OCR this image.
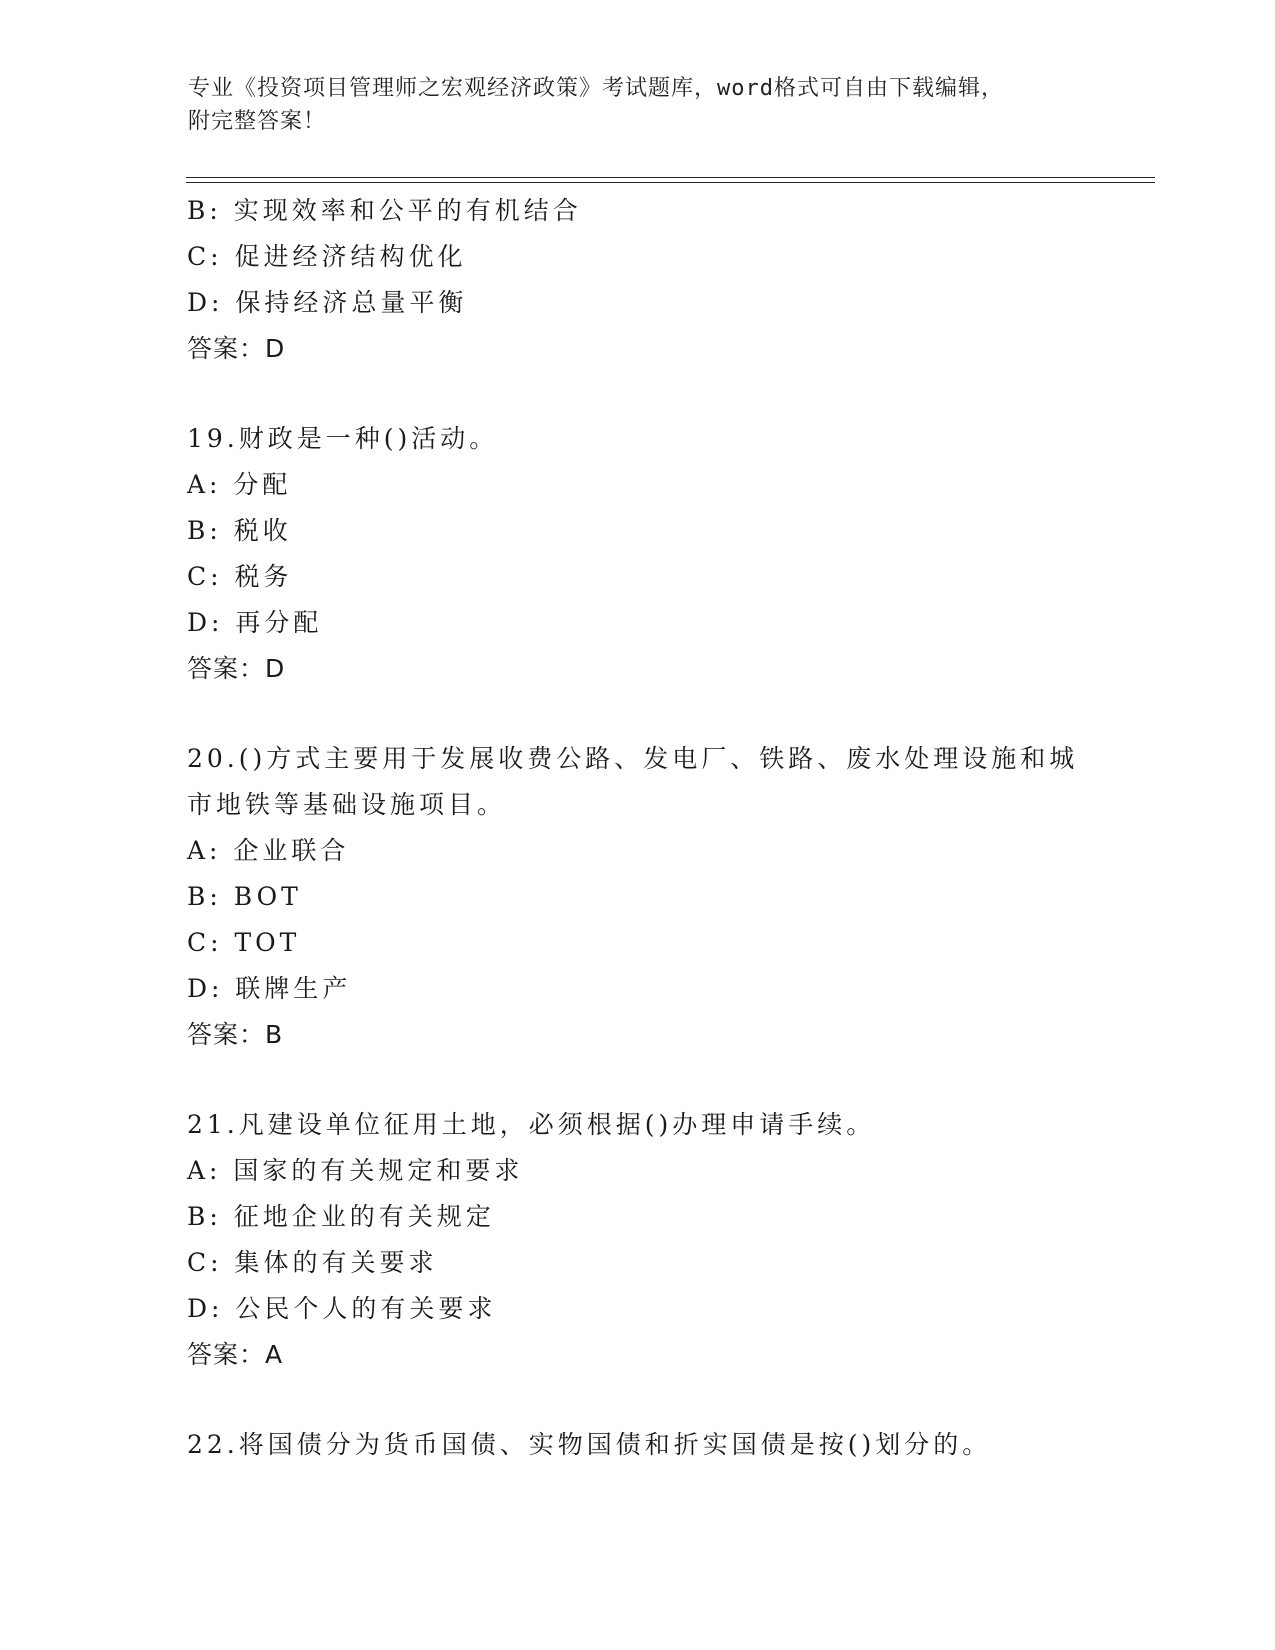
专业《投资项目管理师之宏观经济政策》考试题库，word格式可自由下载编辑，
附完整答案！
B: 实现效率和公平的有机结合
C: 促进经济结构优化
D: 保持经济总量平衡
答案：D
19.财政是一种()活动。
A: 分配
B: 税收
C: 税务
D: 再分配
答案：D
20.()方式主要用于发展收费公路、发电厂、铁路、废水处理设施和城
市地铁等基础设施项目。
A: 企业联合
B: BOT
C: TOT
D: 联牌生产
答案：B
21.凡建设单位征用土地，必须根据()办理申请手续。
A: 国家的有关规定和要求
B: 征地企业的有关规定
C: 集体的有关要求
D: 公民个人的有关要求
答案：A
22.将国债分为货币国债、实物国债和折实国债是按()划分的。
